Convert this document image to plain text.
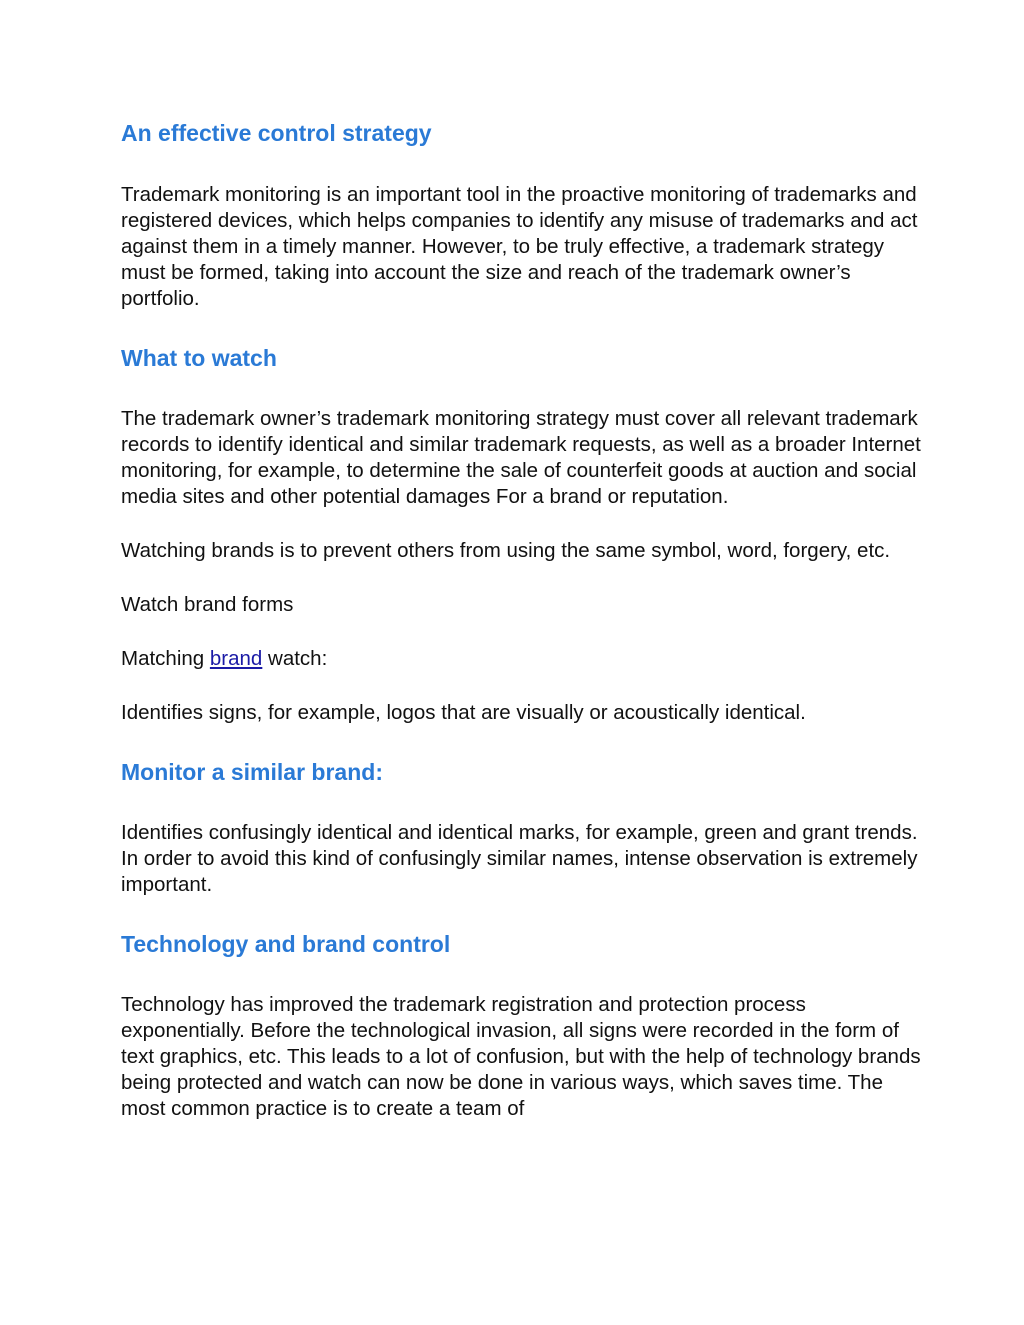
An effective control strategy

Trademark monitoring is an important tool in the proactive monitoring of trademarks and registered devices, which helps companies to identify any misuse of trademarks and act against them in a timely manner. However, to be truly effective, a trademark strategy must be formed, taking into account the size and reach of the trademark owner’s portfolio.

What to watch

The trademark owner’s trademark monitoring strategy must cover all relevant trademark records to identify identical and similar trademark requests, as well as a broader Internet monitoring, for example, to determine the sale of counterfeit goods at auction and social media sites and other potential damages For a brand or reputation.

Watching brands is to prevent others from using the same symbol, word, forgery, etc.

Watch brand forms

Matching brand watch:

Identifies signs, for example, logos that are visually or acoustically identical.

Monitor a similar brand:

Identifies confusingly identical and identical marks, for example, green and grant trends. In order to avoid this kind of confusingly similar names, intense observation is extremely important.

Technology and brand control

Technology has improved the trademark registration and protection process exponentially. Before the technological invasion, all signs were recorded in the form of text graphics, etc. This leads to a lot of confusion, but with the help of technology brands being protected and watch can now be done in various ways, which saves time. The most common practice is to create a team of
